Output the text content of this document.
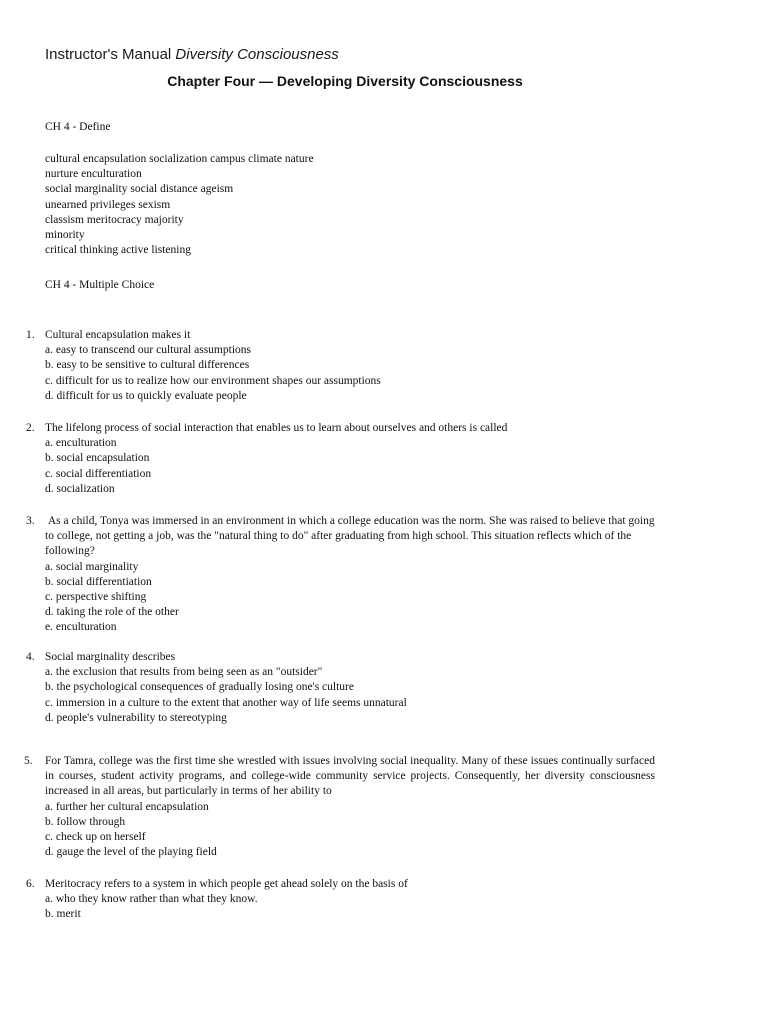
Instructor's Manual Diversity Consciousness
Chapter Four — Developing Diversity Consciousness
CH 4 - Define
cultural encapsulation socialization campus climate nature
nurture enculturation
social marginality social distance ageism
unearned privileges sexism
classism meritocracy majority
minority
critical thinking active listening
CH 4 - Multiple Choice
1. Cultural encapsulation makes it
a. easy to transcend our cultural assumptions
b. easy to be sensitive to cultural differences
c. difficult for us to realize how our environment shapes our assumptions
d. difficult for us to quickly evaluate people
2. The lifelong process of social interaction that enables us to learn about ourselves and others is called
a. enculturation
b. social encapsulation
c. social differentiation
d. socialization
3. As a child, Tonya was immersed in an environment in which a college education was the norm. She was raised to believe that going to college, not getting a job, was the "natural thing to do" after graduating from high school. This situation reflects which of the following?
a. social marginality
b. social differentiation
c. perspective shifting
d. taking the role of the other
e. enculturation
4. Social marginality describes
a. the exclusion that results from being seen as an "outsider"
b. the psychological consequences of gradually losing one's culture
c. immersion in a culture to the extent that another way of life seems unnatural
d. people's vulnerability to stereotyping
5. For Tamra, college was the first time she wrestled with issues involving social inequality. Many of these issues continually surfaced in courses, student activity programs, and college-wide community service projects. Consequently, her diversity consciousness increased in all areas, but particularly in terms of her ability to
a. further her cultural encapsulation
b. follow through
c. check up on herself
d. gauge the level of the playing field
6. Meritocracy refers to a system in which people get ahead solely on the basis of
a. who they know rather than what they know.
b. merit
